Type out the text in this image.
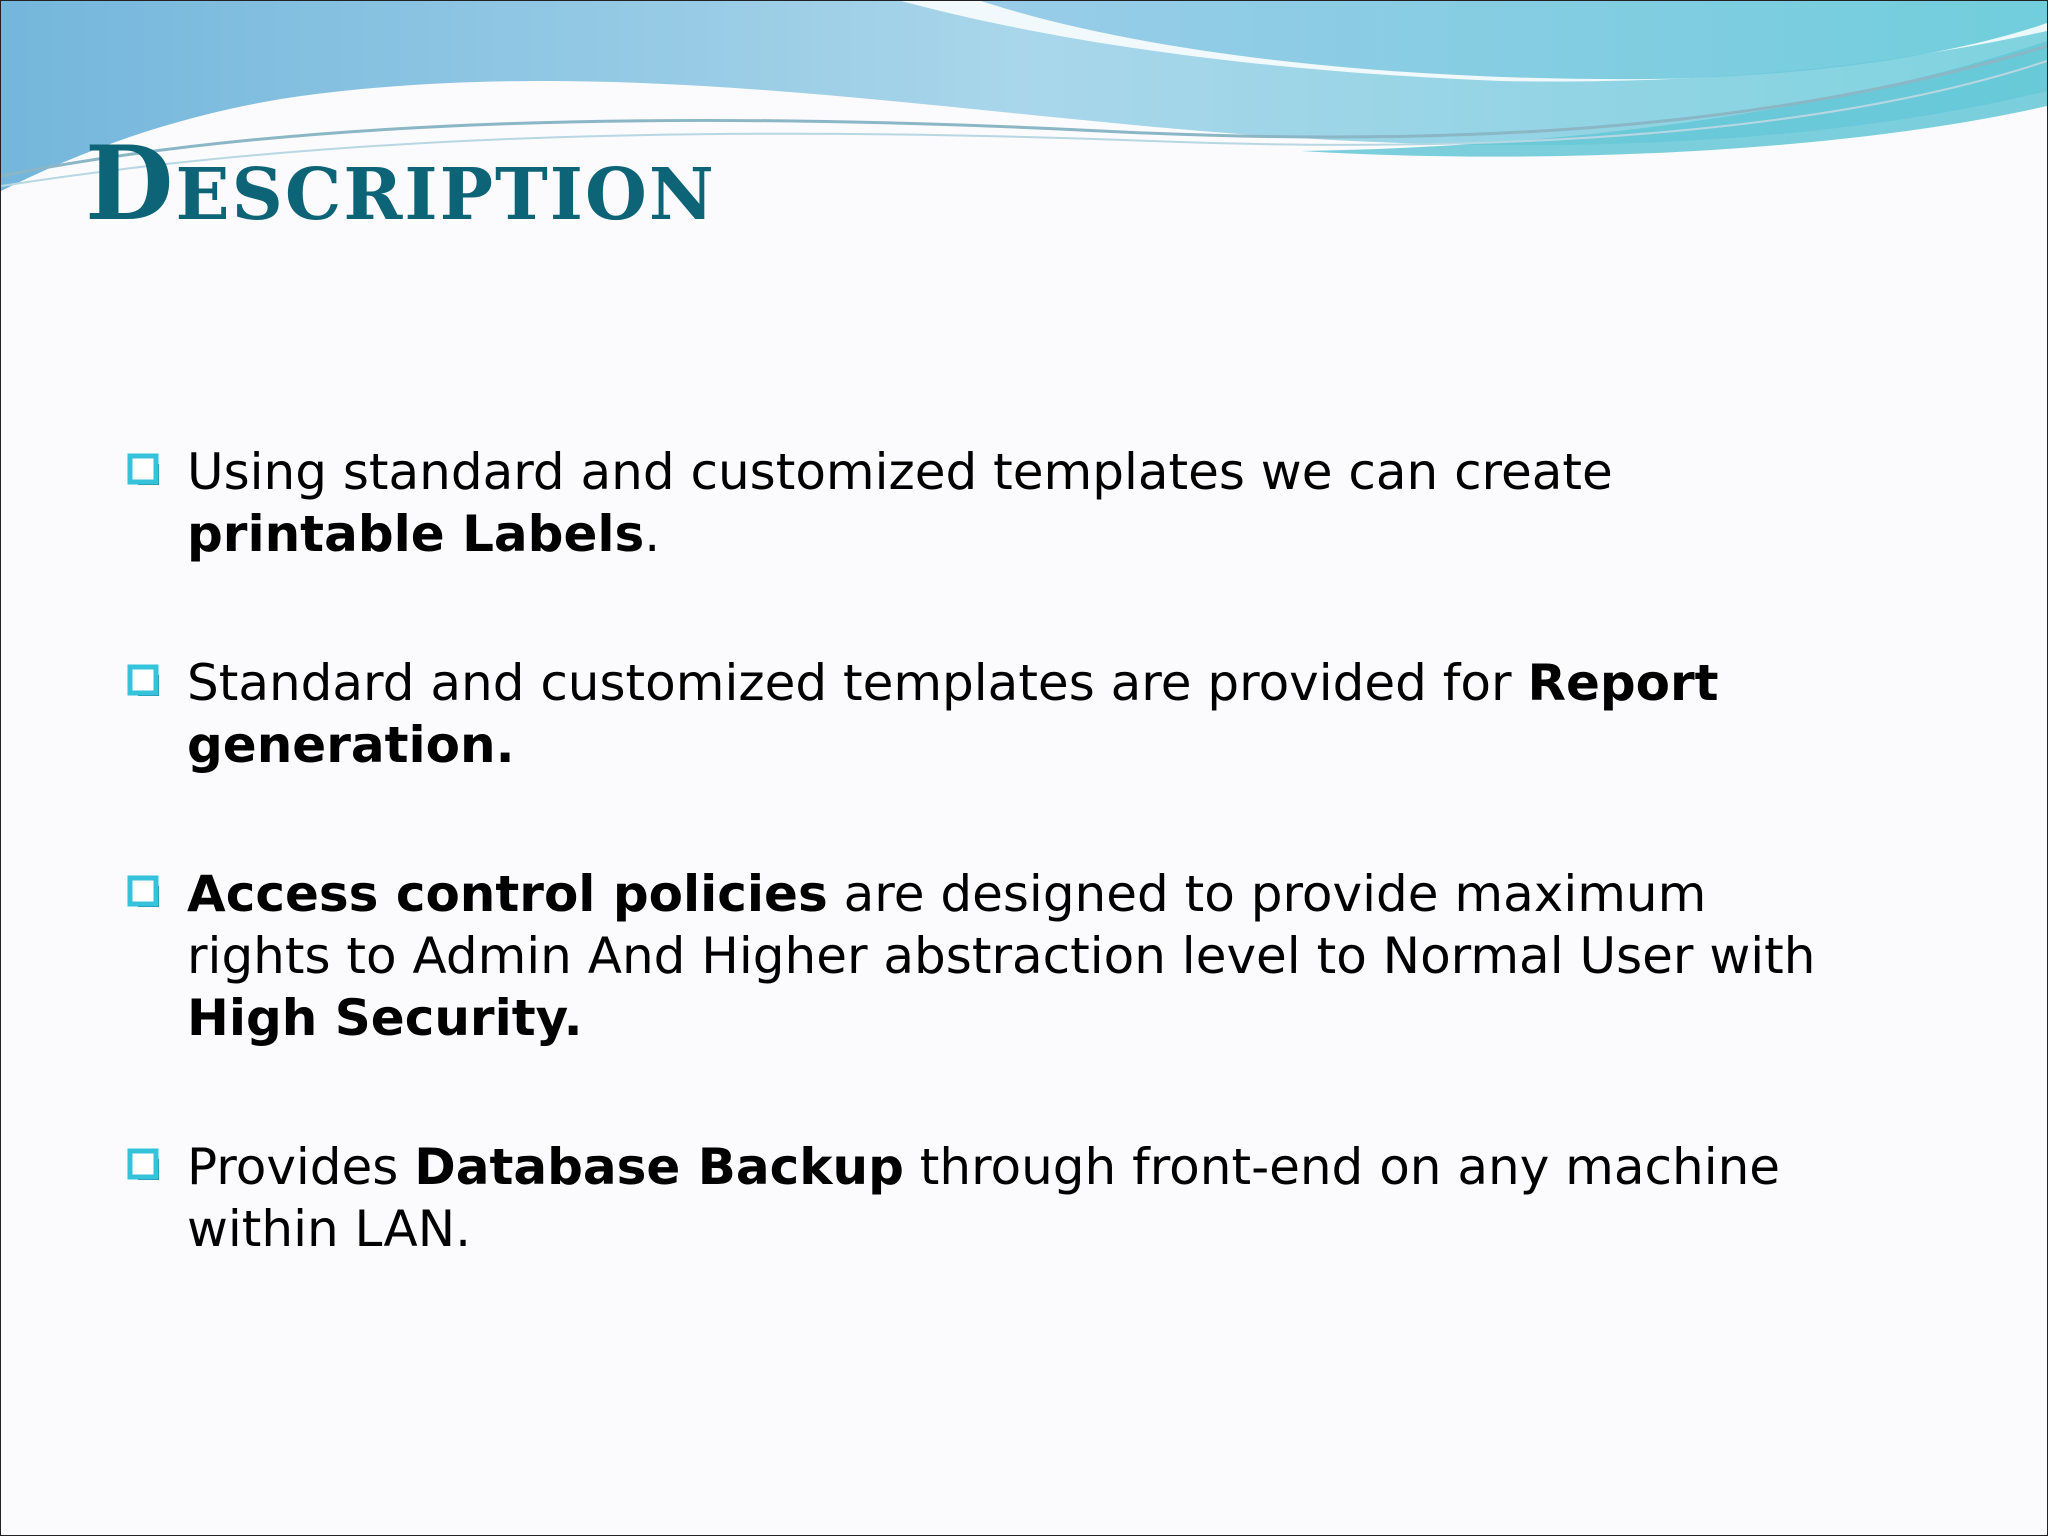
Description
Using standard and customized templates we can create printable Labels.
Standard and customized templates are provided for Report generation.
Access control policies are designed to provide maximum rights to Admin And Higher abstraction level to Normal User with High Security.
Provides Database Backup through front-end on any machine within LAN.
